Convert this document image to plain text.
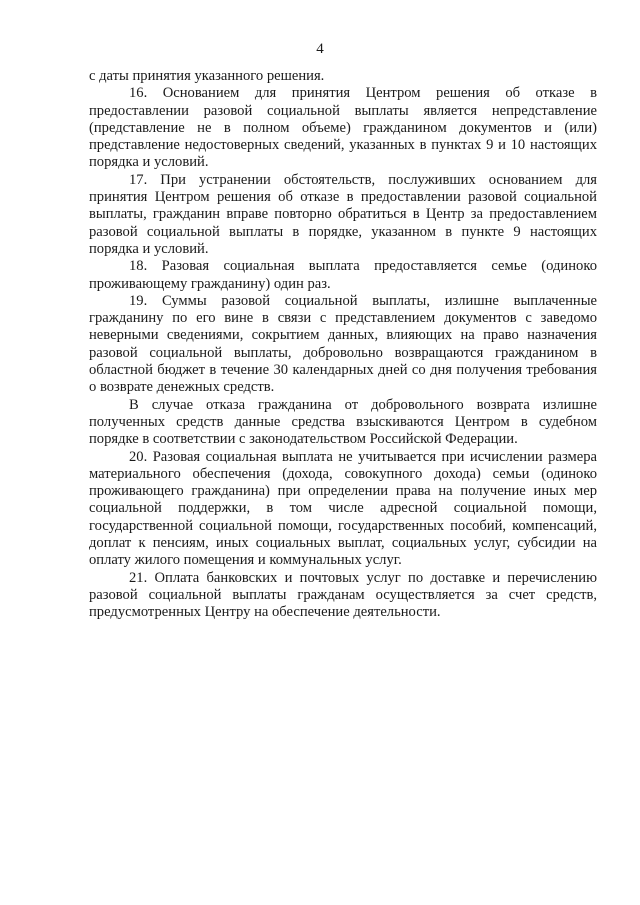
4

с даты принятия указанного решения.

16. Основанием для принятия Центром решения об отказе в предоставлении разовой социальной выплаты является непредставление (представление не в полном объеме) гражданином документов и (или) представление недостоверных сведений, указанных в пунктах 9 и 10 настоящих порядка и условий.

17. При устранении обстоятельств, послуживших основанием для принятия Центром решения об отказе в предоставлении разовой социальной выплаты, гражданин вправе повторно обратиться в Центр за предоставлением разовой социальной выплаты в порядке, указанном в пункте 9 настоящих порядка и условий.

18. Разовая социальная выплата предоставляется семье (одиноко проживающему гражданину) один раз.

19. Суммы разовой социальной выплаты, излишне выплаченные гражданину по его вине в связи с представлением документов с заведомо неверными сведениями, сокрытием данных, влияющих на право назначения разовой социальной выплаты, добровольно возвращаются гражданином в областной бюджет в течение 30 календарных дней со дня получения требования о возврате денежных средств.

В случае отказа гражданина от добровольного возврата излишне полученных средств данные средства взыскиваются Центром в судебном порядке в соответствии с законодательством Российской Федерации.

20. Разовая социальная выплата не учитывается при исчислении размера материального обеспечения (дохода, совокупного дохода) семьи (одиноко проживающего гражданина) при определении права на получение иных мер социальной поддержки, в том числе адресной социальной помощи, государственной социальной помощи, государственных пособий, компенсаций, доплат к пенсиям, иных социальных выплат, социальных услуг, субсидии на оплату жилого помещения и коммунальных услуг.

21. Оплата банковских и почтовых услуг по доставке и перечислению разовой социальной выплаты гражданам осуществляется за счет средств, предусмотренных Центру на обеспечение деятельности.
